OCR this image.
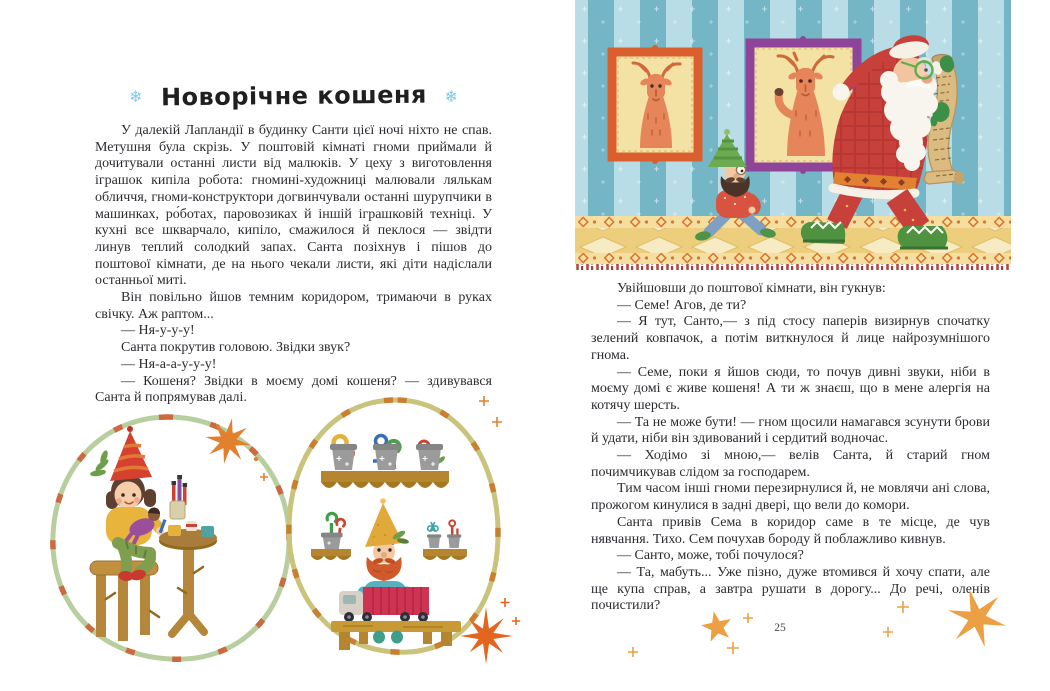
❄ Новорічне кошеня ❄

У далекій Лапландії в будинку Санти цієї ночі ніхто не спав. Метушня була скрізь. У поштовій кімнаті гноми приймали й дочитували останні листи від малюків. У цеху з виготовлення іграшок кипіла робота: гномині-художниці малювали лялькам обличчя, гноми-конструктори догвинчували останні шурупчики в машинках, ро́ботах, паровозиках й іншій іграшковій техніці. У кухні все шкварчало, кипіло, смажилося й пеклося — звідти линув теплий солодкий запах. Санта позіхнув і пішов до поштової кімнати, де на нього чекали листи, які діти надіслали останньої миті.

Він повільно йшов темним коридором, тримаючи в руках свічку. Аж раптом...

— Ня-у-у-у!

Санта покрутив головою. Звідки звук?

— Ня-а-а-у-у-у!

— Кошеня? Звідки в моєму домі кошеня? — здивувався Санта й попрямував далі.

Увійшовши до поштової кімнати, він гукнув:

— Семе! Агов, де ти?

— Я тут, Санто,— з під стосу паперів визирнув спочатку зелений ковпачок, а потім виткнулося й лице найрозумнішого гнома.

— Семе, поки я йшов сюди, то почув дивні звуки, ніби в моєму домі є живе кошеня! А ти ж знаєш, що в мене алергія на котячу шерсть.

— Та не може бути! — гном щосили намагався зсунути брови й удати, ніби він здивований і сердитий водночас.

— Ходімо зі мною,— велів Санта, й старий гном почимчикував слідом за господарем.

Тим часом інші гноми перезирнулися й, не мовлячи ані слова, прожогом кинулися в задні двері, що вели до комори.

Санта привів Сема в коридор саме в те місце, де чув нявчання. Тихо. Сем почухав бороду й поблажливо кивнув.

— Санто, може, тобі почулося?

— Та, мабуть... Уже пізно, дуже втомився й хочу спати, але ще купа справ, а завтра рушати в дорогу... До речі, оленів почистили?

25
